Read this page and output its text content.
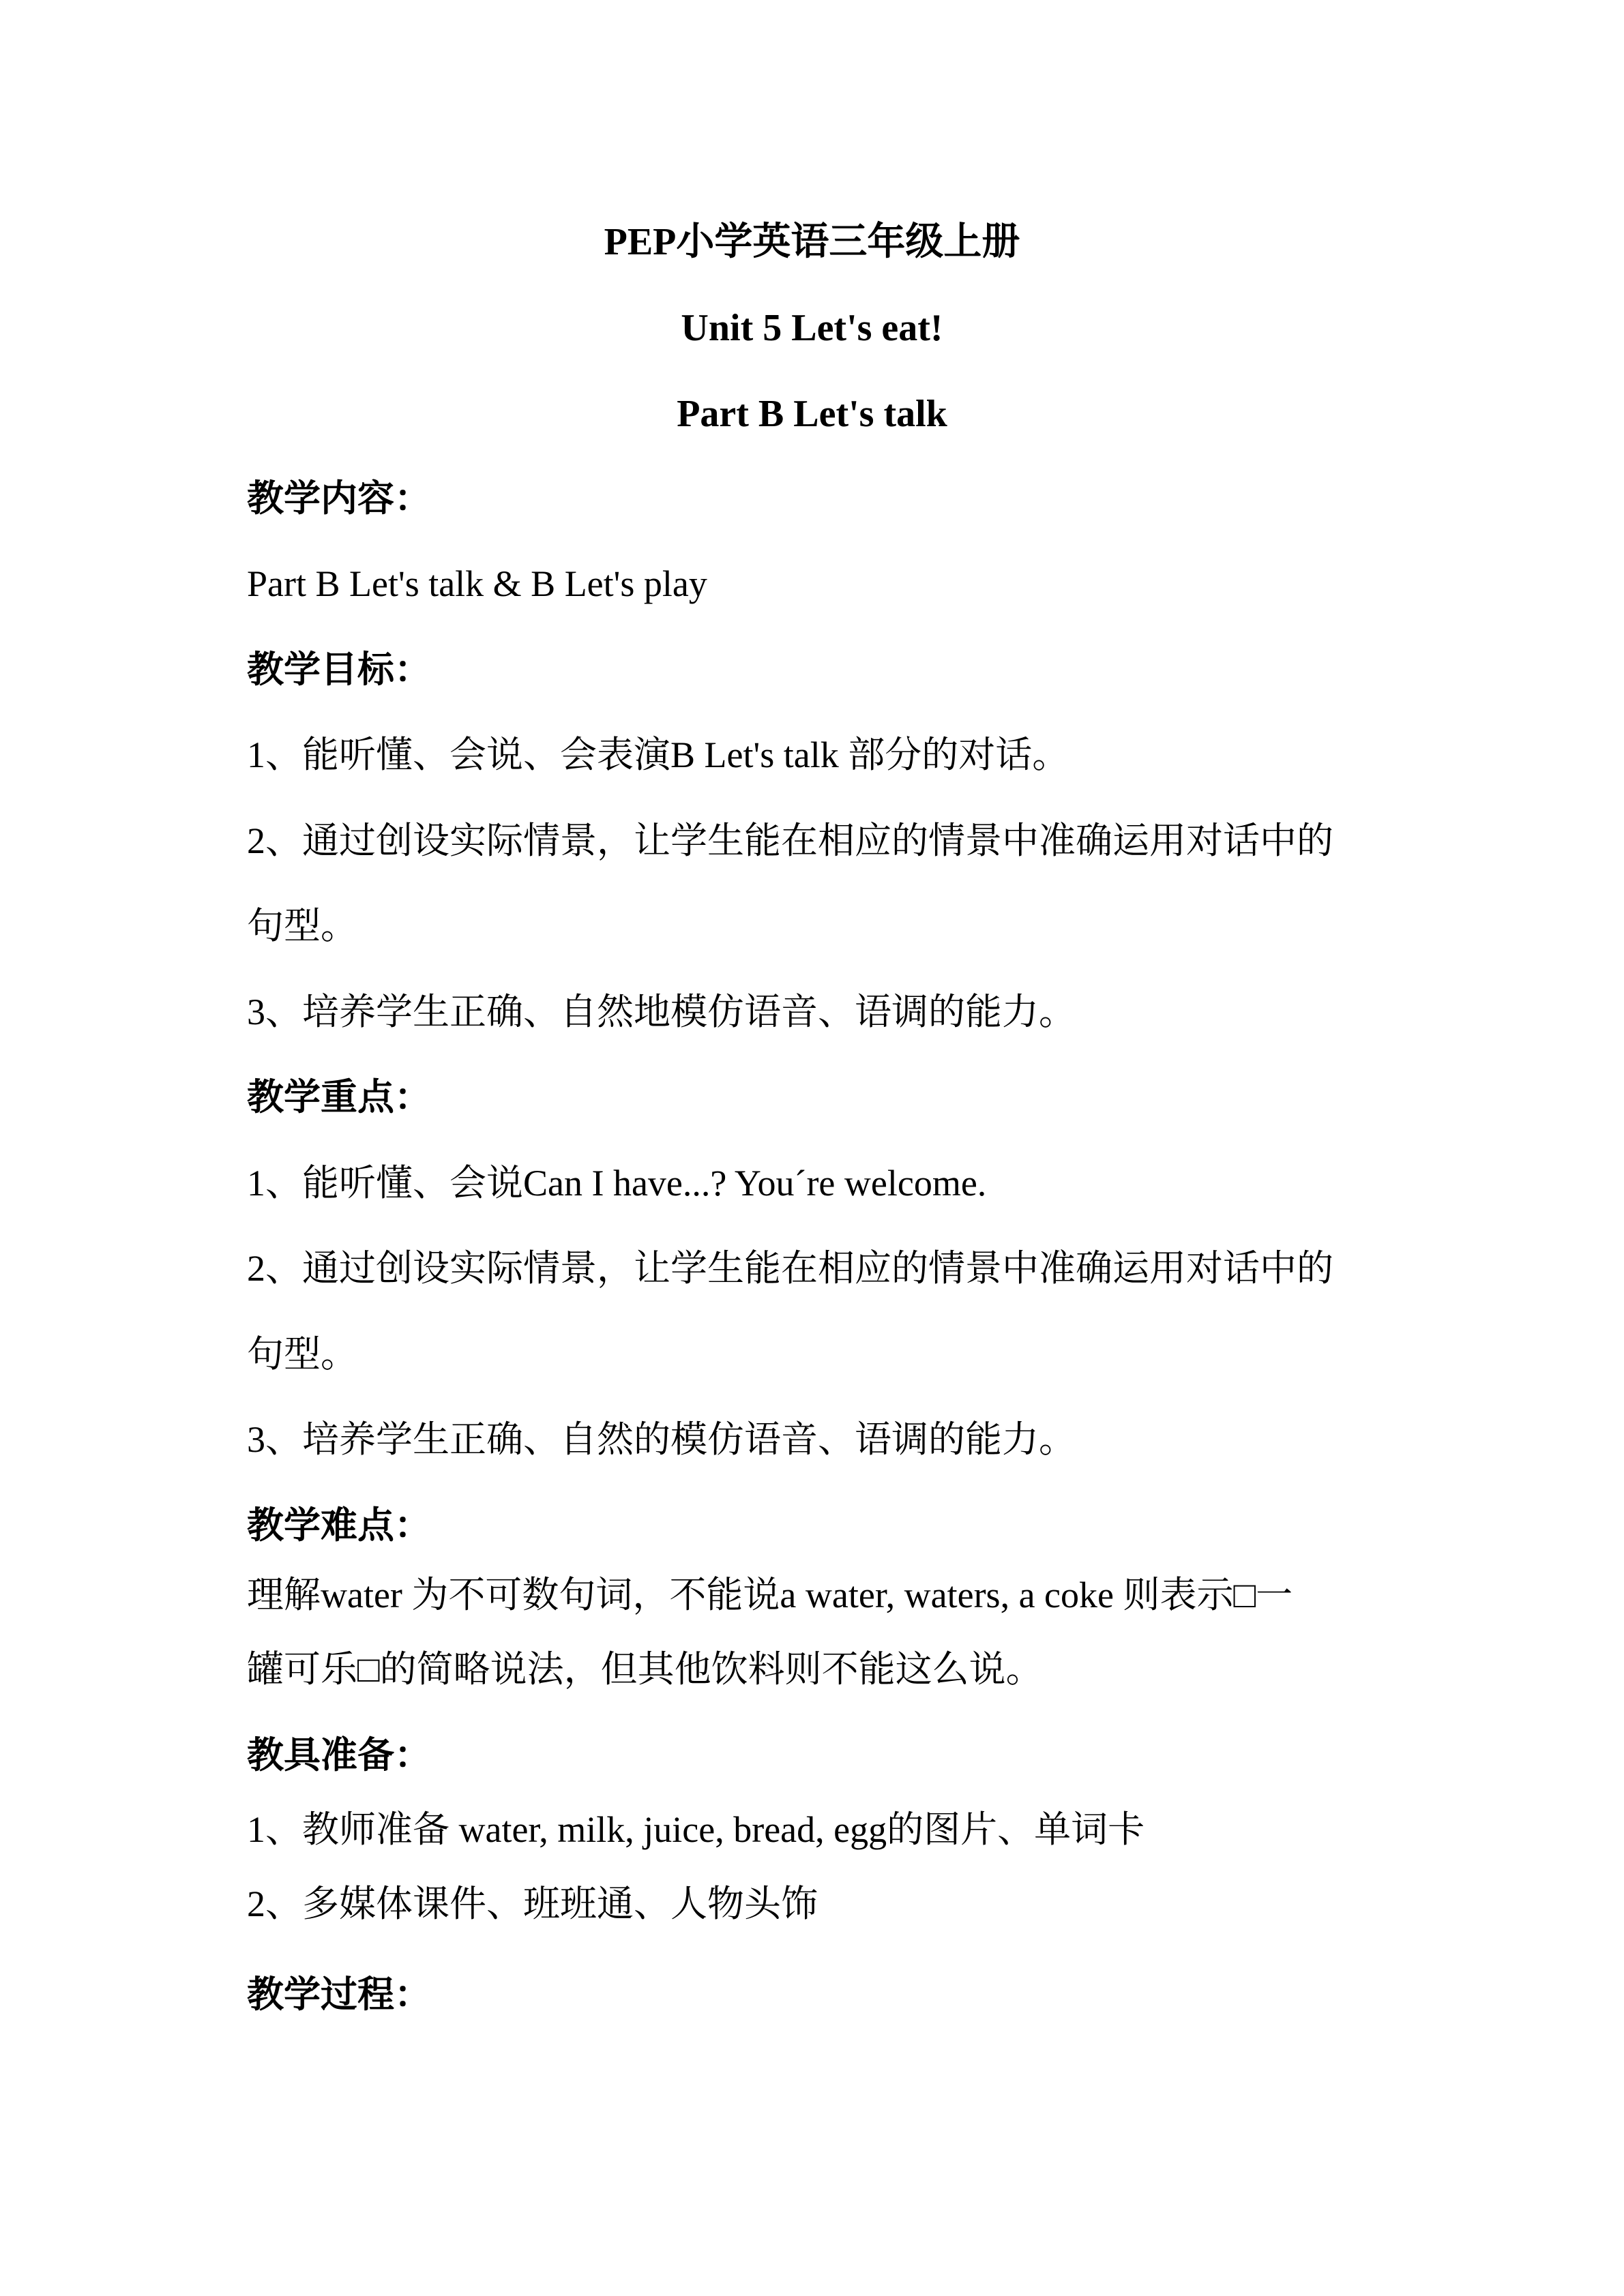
PEP小学英语三年级上册
Unit 5 Let's eat!
Part B Let's talk
教学内容：
Part B Let's talk & B Let's play
教学目标：
1、能听懂、会说、会表演B Let's talk 部分的对话。
2、通过创设实际情景，让学生能在相应的情景中准确运用对话中的
句型。
3、培养学生正确、自然地模仿语音、语调的能力。
教学重点：
1、能听懂、会说Can I have...? You´re welcome.
2、通过创设实际情景，让学生能在相应的情景中准确运用对话中的
句型。
3、培养学生正确、自然的模仿语音、语调的能力。
教学难点：
理解water 为不可数句词，不能说a water, waters, a coke 则表示□一
罐可乐□的简略说法，但其他饮料则不能这么说。
教具准备：
1、教师准备 water, milk, juice, bread, egg的图片、单词卡
2、多媒体课件、班班通、人物头饰
教学过程：
